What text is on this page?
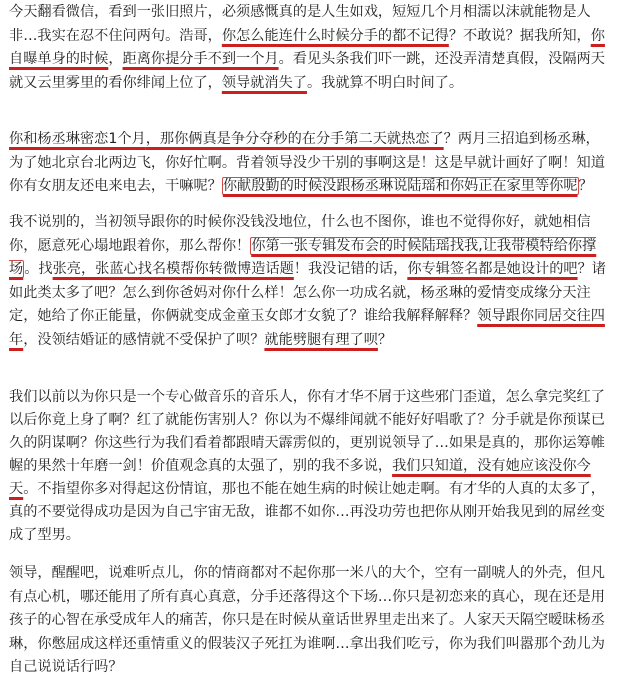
今天翻看微信，看到一张旧照片，必须感慨真的是人生如戏，短短几个月相濡以沫就能物是人非…我实在忍不住问两句。浩哥，你怎么能连什么时候分手的都不记得？不敢说？据我所知，你自曝单身的时候，距离你提分手不到一个月。看见头条我们吓一跳，还没弄清楚真假，没隔两天就又云里雾里的看你绯闻上位了，领导就消失了。我就算不明白时间了。

你和杨丞琳密恋1个月，那你俩真是争分夺秒的在分手第二天就热恋了？两月三招追到杨丞琳，为了她北京台北两边飞，你好忙啊。背着领导没少干别的事啊这是！这是早就计画好了啊！知道你有女朋友还电来电去，干嘛呢？你献殷勤的时候没跟杨丞琳说陆瑶和你妈正在家里等你呢？

我不说别的，当初领导跟你的时候你没钱没地位，什么也不图你，谁也不觉得你好，就她相信你，愿意死心塌地跟着你，那么帮你！你第一张专辑发布会的时候陆瑶找我,让我带模特给你撑场。找张亮，张蓝心找名模帮你转微博造话题！我没记错的话，你专辑签名都是她设计的吧？诸如此类太多了吧？怎么到你爸妈对你什么样！怎么你一功成名就，杨丞琳的爱情变成缘分天注定，她给了你正能量，你俩就变成金童玉女郎才女貌了？谁给我解释解释？领导跟你同居交往四年，没领结婚证的感情就不受保护了呗？就能劈腿有理了呗？

我们以前以为你只是一个专心做音乐的音乐人，你有才华不屑于这些邪门歪道，怎么拿完奖红了以后你竟上身了啊？红了就能伤害别人？你以为不爆绯闻就不能好好唱歌了？分手就是你预谋已久的阴谋啊？你这些行为我们看着都跟晴天霹雳似的，更别说领导了…如果是真的，那你运筹帷幄的果然十年磨一剑！价值观念真的太强了，别的我不多说，我们只知道，没有她应该没你今天。不指望你多对得起这份情谊，那也不能在她生病的时候让她走啊。有才华的人真的太多了，真的不要觉得成功是因为自己宇宙无敌，谁都不如你…再没功劳也把你从刚开始我见到的屌丝变成了型男。

领导，醒醒吧，说难听点儿，你的情商都对不起你那一米八的大个，空有一副唬人的外壳，但凡有点心机，哪还能用了所有真心真意，分手还落得这个下场…你只是初恋来的真心，现在还是用孩子的心智在承受成年人的痛苦，你只是在时候从童话世界里走出来了。人家天天隔空暧昧杨丞琳，你憋屈成这样还重情重义的假装汉子死扛为谁啊…拿出我们吃亏，你为我们叫嚣那个劲儿为自己说说话行吗？
